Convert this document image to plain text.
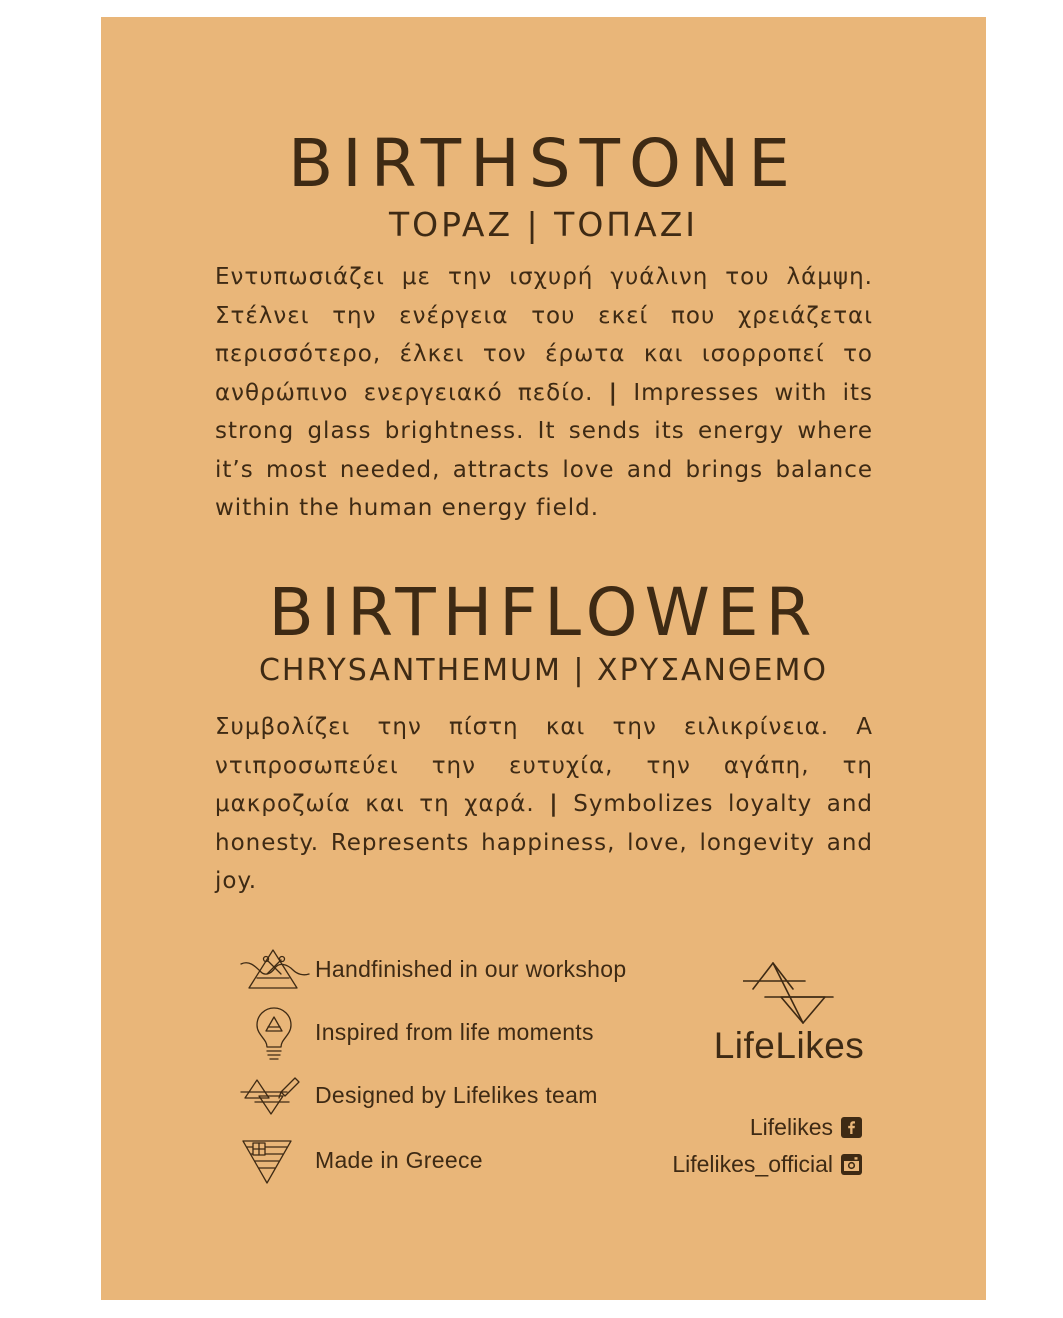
BIRTHSTONE
TOPAZ | ΤΟΠΑΖΙ

Εντυπωσιάζει με την ισχυρή γυάλινη του λάμψη. Στέλνει την ενέργεια του εκεί που χρειάζεται περισσότερο, έλκει τον έρωτα και ισορροπεί το ανθρώπινο ενεργειακό πεδίο. | Impresses with its strong glass brightness. It sends its energy where it’s most needed, attracts love and brings balance within the human energy field.

BIRTHFLOWER
CHRYSANTHEMUM | ΧΡΥΣΑΝΘΕΜΟ

Συμβολίζει την πίστη και την ειλικρίνεια. Α ντιπροσωπεύει την ευτυχία, την αγάπη, τη μακροζωία και τη χαρά. | Symbolizes loyalty and honesty. Represents happiness, love, longevity and joy.

Handfinished in our workshop
Inspired from life moments
Designed by Lifelikes team
Made in Greece
LifeLikes
Lifelikes
Lifelikes_official
